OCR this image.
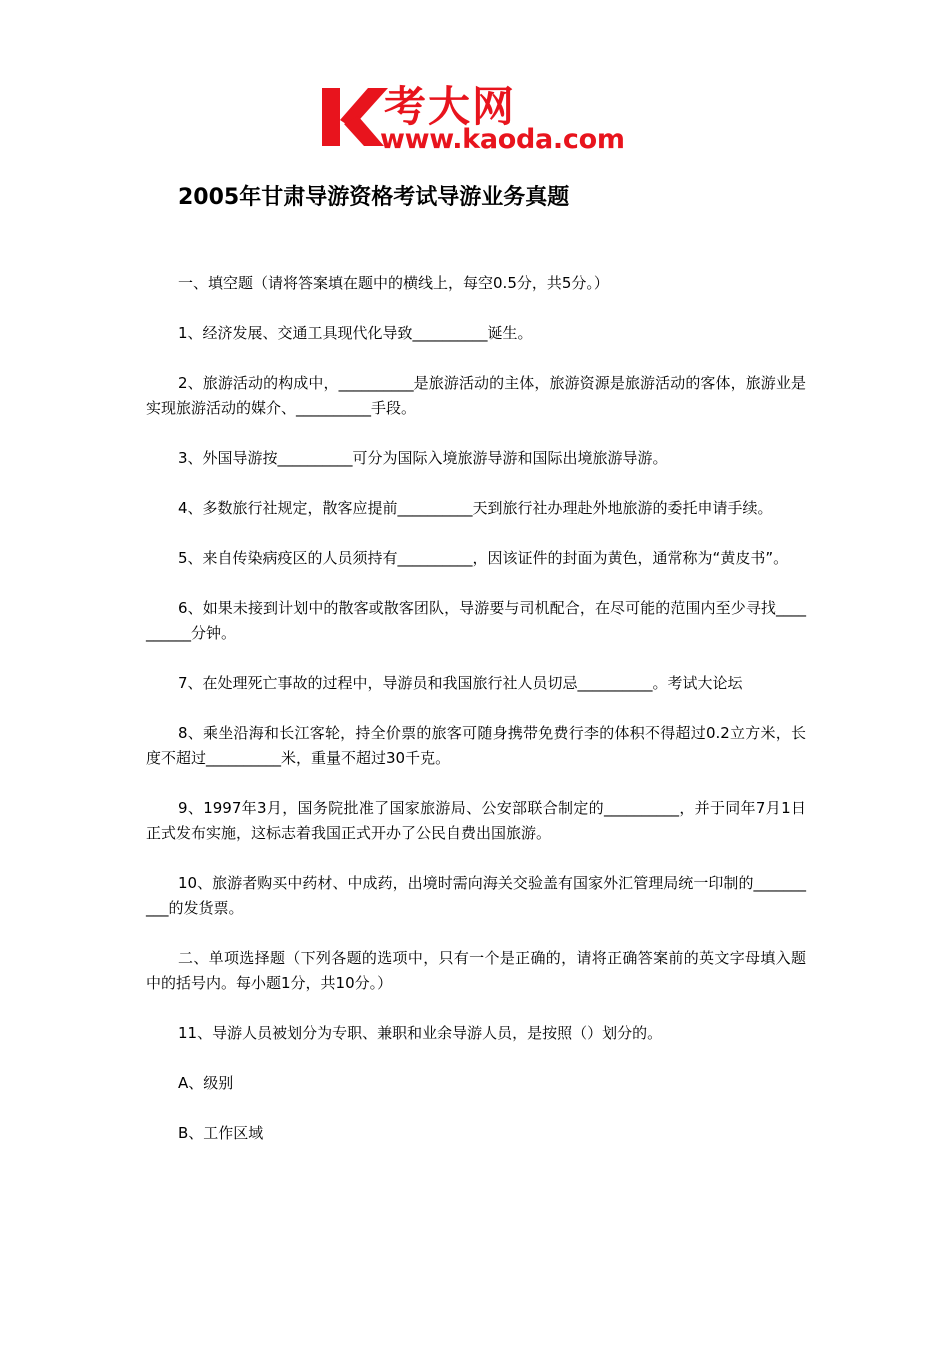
考大网
www.kaoda.com
2005年甘肃导游资格考试导游业务真题

一、填空题（请将答案填在题中的横线上，每空0.5分，共5分。）

1、经济发展、交通工具现代化导致__________诞生。

2、旅游活动的构成中，__________是旅游活动的主体，旅游资源是旅游活动的客体，旅游业是实现旅游活动的媒介、__________手段。

3、外国导游按__________可分为国际入境旅游导游和国际出境旅游导游。

4、多数旅行社规定，散客应提前__________天到旅行社办理赴外地旅游的委托申请手续。

5、来自传染病疫区的人员须持有__________，因该证件的封面为黄色，通常称为“黄皮书”。

6、如果未接到计划中的散客或散客团队，导游要与司机配合，在尽可能的范围内至少寻找__________分钟。

7、在处理死亡事故的过程中，导游员和我国旅行社人员切忌__________。考试大论坛

8、乘坐沿海和长江客轮，持全价票的旅客可随身携带免费行李的体积不得超过0.2立方米，长度不超过__________米，重量不超过30千克。

9、1997年3月，国务院批准了国家旅游局、公安部联合制定的__________，并于同年7月1日正式发布实施，这标志着我国正式开办了公民自费出国旅游。

10、旅游者购买中药材、中成药，出境时需向海关交验盖有国家外汇管理局统一印制的__________的发货票。

二、单项选择题（下列各题的选项中，只有一个是正确的，请将正确答案前的英文字母填入题中的括号内。每小题1分，共10分。）

11、导游人员被划分为专职、兼职和业余导游人员，是按照（）划分的。

A、级别

B、工作区域
